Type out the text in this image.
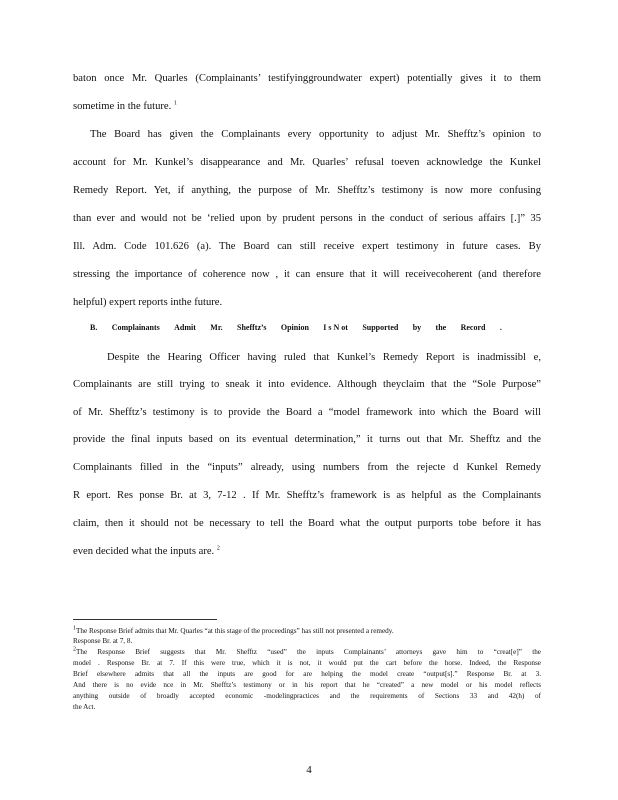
baton once Mr. Quarles (Complainants’ testifyinggroundwater expert) potentially gives it to them
sometime in the future. $^1$
The Board has given the Complainants every opportunity to adjust Mr. Shefftz’s opinion to
account for Mr. Kunkel’s disappearance and Mr. Quarles’ refusal toeven acknowledge the Kunkel
Remedy Report. Yet, if anything, the purpose of Mr. Shefftz’s testimony is now more confusing
than ever and would not be ‘relied upon by prudent persons in the conduct of serious affairs [.]” 35
Ill. Adm. Code 101.626 (a). The Board can still receive expert testimony in future cases. By
stressing the importance of coherence now , it can ensure that it will receivecoherent (and therefore
helpful) expert reports inthe future.
B. Complainants Admit Mr. Shefftz’s Opinion I s N ot Supported by the Record .
Despite the Hearing Officer having ruled that Kunkel’s Remedy Report is inadmissibl e,
Complainants are still trying to sneak it into evidence. Although theyclaim that the “Sole Purpose”
of Mr. Shefftz’s testimony is to provide the Board a “model framework into which the Board will
provide the final inputs based on its eventual determination,” it turns out that Mr. Shefftz and the
Complainants filled in the “inputs” already, using numbers from the rejecte d Kunkel Remedy
R eport. Res ponse Br. at 3, 7-12 . If Mr. Shefftz’s framework is as helpful as the Complainants
claim, then it should not be necessary to tell the Board what the output purports tobe before it has
even decided what the inputs are. $^2$
$^1$The Response Brief admits that Mr. Quarles “at this stage of the proceedings” has still not presented a remedy.
Response Br. at 7, 8.
$^2$The Response Brief suggests that Mr. Shefftz “used” the inputs Complainants’ attorneys gave him to “creat[e]” the
model . Response Br. at 7. If this were true, which it is not, it would put the cart before the horse. Indeed, the Response
Brief elsewhere admits that all the inputs are good for are helping the model create “output[s].” Response Br. at 3.
And there is no evide nce in Mr. Shefftz’s testimony or in his report that he “created” a new model or his model reflects
anything outside of broadly accepted economic -modelingpractices and the requirements of Sections 33 and 42(h) of
the Act.
4
